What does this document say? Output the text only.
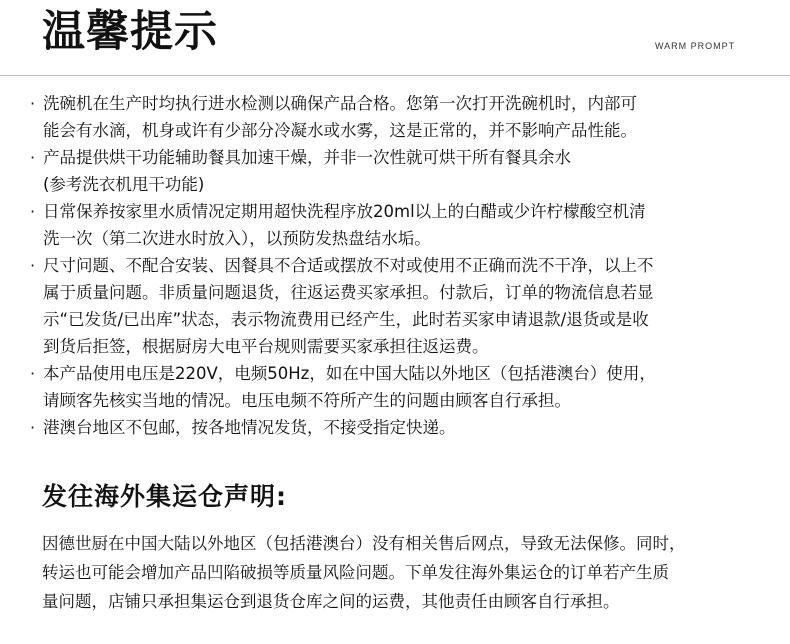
温馨提示	WARM PROMPT
· 洗碗机在生产时均执行进水检测以确保产品合格。您第一次打开洗碗机时，内部可
能会有水滴，机身或许有少部分冷凝水或水雾，这是正常的，并不影响产品性能。
· 产品提供烘干功能辅助餐具加速干燥，并非一次性就可烘干所有餐具余水
(参考洗衣机甩干功能)
· 日常保养按家里水质情况定期用超快洗程序放20ml以上的白醋或少许柠檬酸空机清
洗一次（第二次进水时放入），以预防发热盘结水垢。
· 尺寸问题、不配合安装、因餐具不合适或摆放不对或使用不正确而洗不干净，以上不
属于质量问题。非质量问题退货，往返运费买家承担。付款后，订单的物流信息若显
示“已发货/已出库”状态，表示物流费用已经产生，此时若买家申请退款/退货或是收
到货后拒签，根据厨房大电平台规则需要买家承担往返运费。
· 本产品使用电压是220V，电频50Hz，如在中国大陆以外地区（包括港澳台）使用，
请顾客先核实当地的情况。电压电频不符所产生的问题由顾客自行承担。
· 港澳台地区不包邮，按各地情况发货，不接受指定快递。
发往海外集运仓声明:
因德世厨在中国大陆以外地区（包括港澳台）没有相关售后网点，导致无法保修。同时，
转运也可能会增加产品凹陷破损等质量风险问题。下单发往海外集运仓的订单若产生质
量问题，店铺只承担集运仓到退货仓库之间的运费，其他责任由顾客自行承担。
